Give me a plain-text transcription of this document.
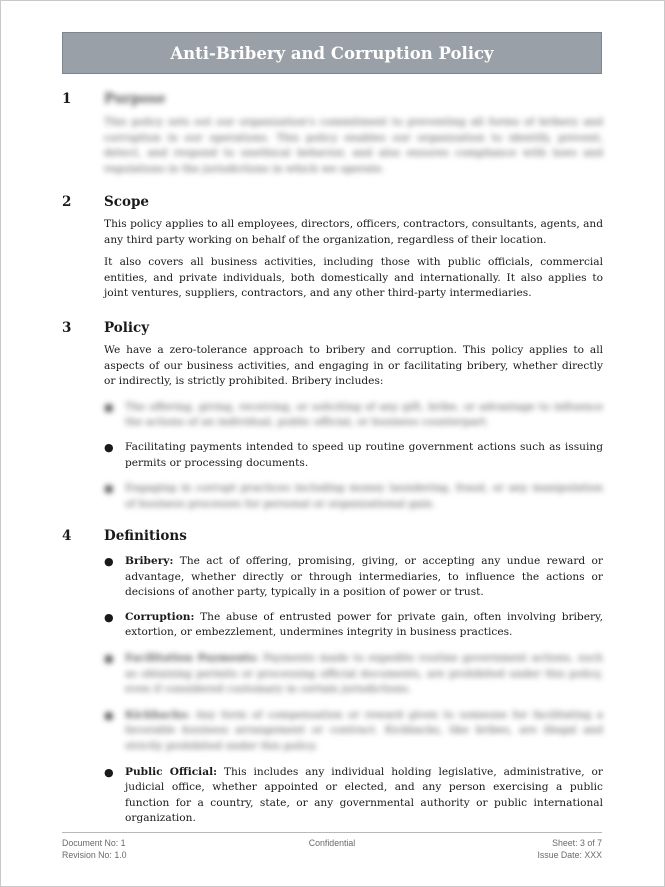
Anti-Bribery and Corruption Policy
1	Purpose
This policy sets out our organization's commitment to preventing all forms of bribery and corruption in our operations. This policy enables our organization to identify, prevent, detect, and respond to unethical behavior, and also ensures compliance with laws and regulations in the jurisdictions in which we operate.
2	Scope
This policy applies to all employees, directors, officers, contractors, consultants, agents, and any third party working on behalf of the organization, regardless of their location.
It also covers all business activities, including those with public officials, commercial entities, and private individuals, both domestically and internationally. It also applies to joint ventures, suppliers, contractors, and any other third-party intermediaries.
3	Policy
We have a zero-tolerance approach to bribery and corruption. This policy applies to all aspects of our business activities, and engaging in or facilitating bribery, whether directly or indirectly, is strictly prohibited. Bribery includes:
●	The offering, giving, receiving, or soliciting of any gift, bribe, or advantage to influence the actions of an individual, public official, or business counterpart.
●	Facilitating payments intended to speed up routine government actions such as issuing permits or processing documents.
●	Engaging in corrupt practices including money laundering, fraud, or any manipulation of business processes for personal or organizational gain.
4	Definitions
●	Bribery: The act of offering, promising, giving, or accepting any undue reward or advantage, whether directly or through intermediaries, to influence the actions or decisions of another party, typically in a position of power or trust.
●	Corruption: The abuse of entrusted power for private gain, often involving bribery, extortion, or embezzlement, undermines integrity in business practices.
●	Facilitation Payments: Payments made to expedite routine government actions, such as obtaining permits or processing official documents, are prohibited under this policy, even if considered customary in certain jurisdictions.
●	Kickbacks: Any form of compensation or reward given to someone for facilitating a favorable business arrangement or contract. Kickbacks, like bribes, are illegal and strictly prohibited under this policy.
●	Public Official: This includes any individual holding legislative, administrative, or judicial office, whether appointed or elected, and any person exercising a public function for a country, state, or any governmental authority or public international organization.
Document No: 1	Confidential	Sheet: 3 of 7
Revision No: 1.0	Issue Date: XXX
